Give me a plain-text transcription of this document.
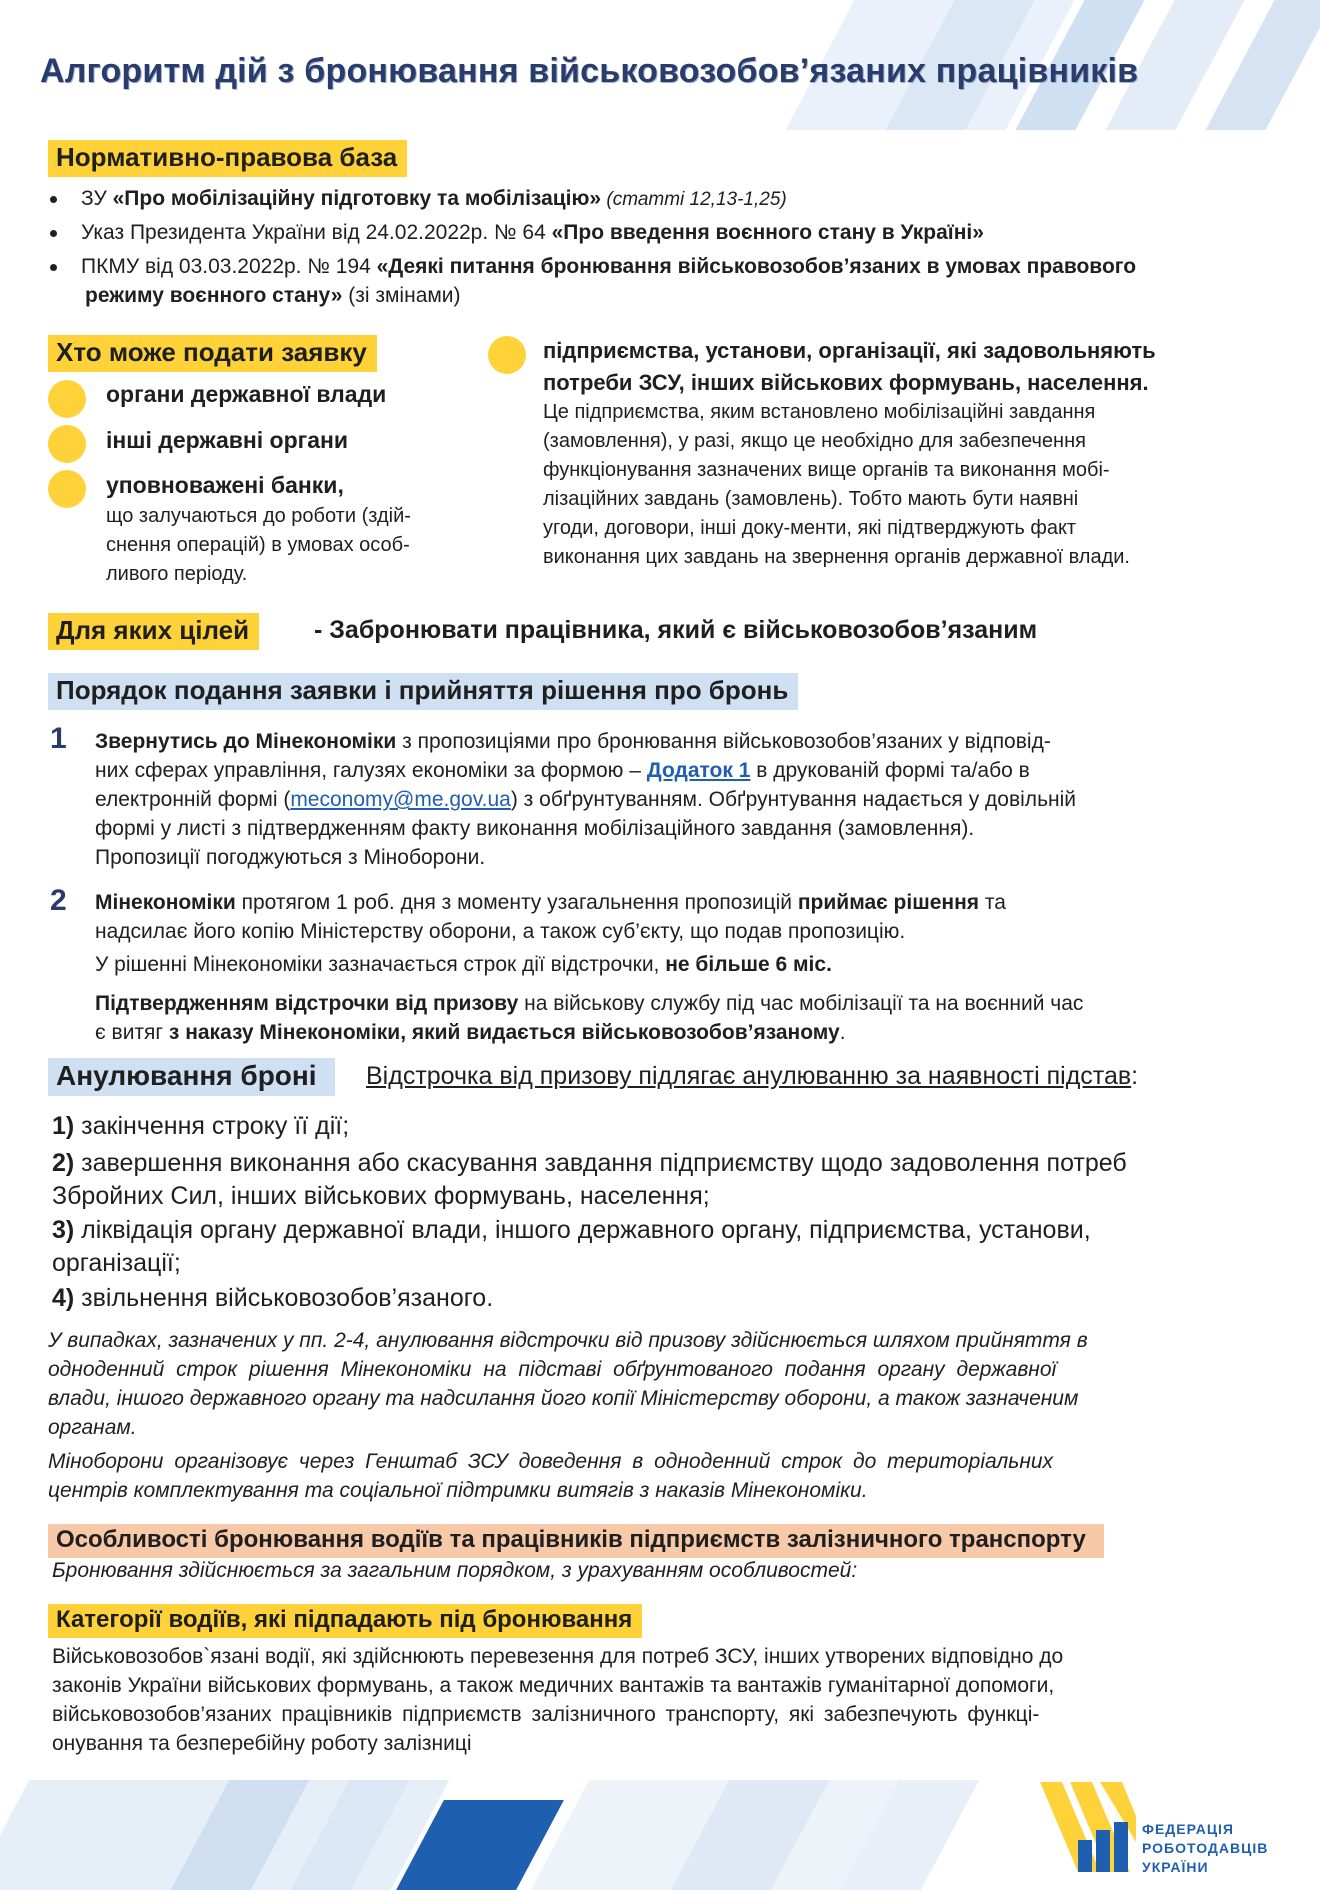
Алгоритм дій з бронювання військовозобов’язаних працівників
Нормативно-правова база
ЗУ «Про мобілізаційну підготовку та мобілізацію» (статті 12,13-1,25)
Указ Президента України від 24.02.2022р. № 64 «Про введення воєнного стану в Україні»
ПКМУ від 03.03.2022р. № 194 «Деякі питання бронювання військовозобов’язаних в умовах правового
режиму воєнного стану» (зі змінами)
Хто може подати заявку
органи державної влади
інші державні органи
уповноважені банки,
що залучаються до роботи (здій-
снення операцій) в умовах особ-
ливого періоду.
підприємства, установи, організації, які задовольняють
потреби ЗСУ, інших військових формувань, населення.
Це підприємства, яким встановлено мобілізаційні завдання
(замовлення), у разі, якщо це необхідно для забезпечення
функціонування зазначених вище органів та виконання мобі-
лізаційних завдань (замовлень). Тобто мають бути наявні
угоди, договори, інші доку-менти, які підтверджують факт
виконання цих завдань на звернення органів державної влади.
Для яких цілей	- Забронювати працівника, який є військовозобов’язаним
Порядок подання заявки і прийняття рішення про бронь
1 Звернутись до Мінекономіки з пропозиціями про бронювання військовозобов’язаних у відповід-
них сферах управління, галузях економіки за формою – Додаток 1 в друкованій формі та/або в
електронній формі (meconomy@me.gov.ua) з обґрунтуванням. Обґрунтування надається у довільній
формі у листі з підтвердженням факту виконання мобілізаційного завдання (замовлення).
Пропозиції погоджуються з Міноборони.
2 Мінекономіки протягом 1 роб. дня з моменту узагальнення пропозицій приймає рішення та
надсилає його копію Міністерству оборони, а також суб’єкту, що подав пропозицію.
У рішенні Мінекономіки зазначається строк дії відстрочки, не більше 6 міс.
Підтвердженням відстрочки від призову на військову службу під час мобілізації та на воєнний час
є витяг з наказу Мінекономіки, який видається військовозобов’язаному.
Анулювання броні	Відстрочка від призову підлягає анулюванню за наявності підстав:
1) закінчення строку її дії;
2) завершення виконання або скасування завдання підприємству щодо задоволення потреб
Збройних Сил, інших військових формувань, населення;
3) ліквідація органу державної влади, іншого державного органу, підприємства, установи,
організації;
4) звільнення військовозобов’язаного.
У випадках, зазначених у пп. 2-4, анулювання відстрочки від призову здійснюється шляхом прийняття в
одноденний строк рішення Мінекономіки на підставі обґрунтованого подання органу державної
влади, іншого державного органу та надсилання його копії Міністерству оборони, а також зазначеним
органам.
Міноборони організовує через Генштаб ЗСУ доведення в одноденний строк до територіальних
центрів комплектування та соціальної підтримки витягів з наказів Мінекономіки.
Особливості бронювання водіїв та працівників підприємств залізничного транспорту
Бронювання здійснюється за загальним порядком, з урахуванням особливостей:
Категорії водіїв, які підпадають під бронювання
Військовозобов`язані водії, які здійснюють перевезення для потреб ЗСУ, інших утворених відповідно до
законів України військових формувань, а також медичних вантажів та вантажів гуманітарної допомоги,
військовозобов’язаних працівників підприємств залізничного транспорту, які забезпечують функці-
онування та безперебійну роботу залізниці
ФЕДЕРАЦІЯ
РОБОТОДАВЦІВ
УКРАЇНИ
